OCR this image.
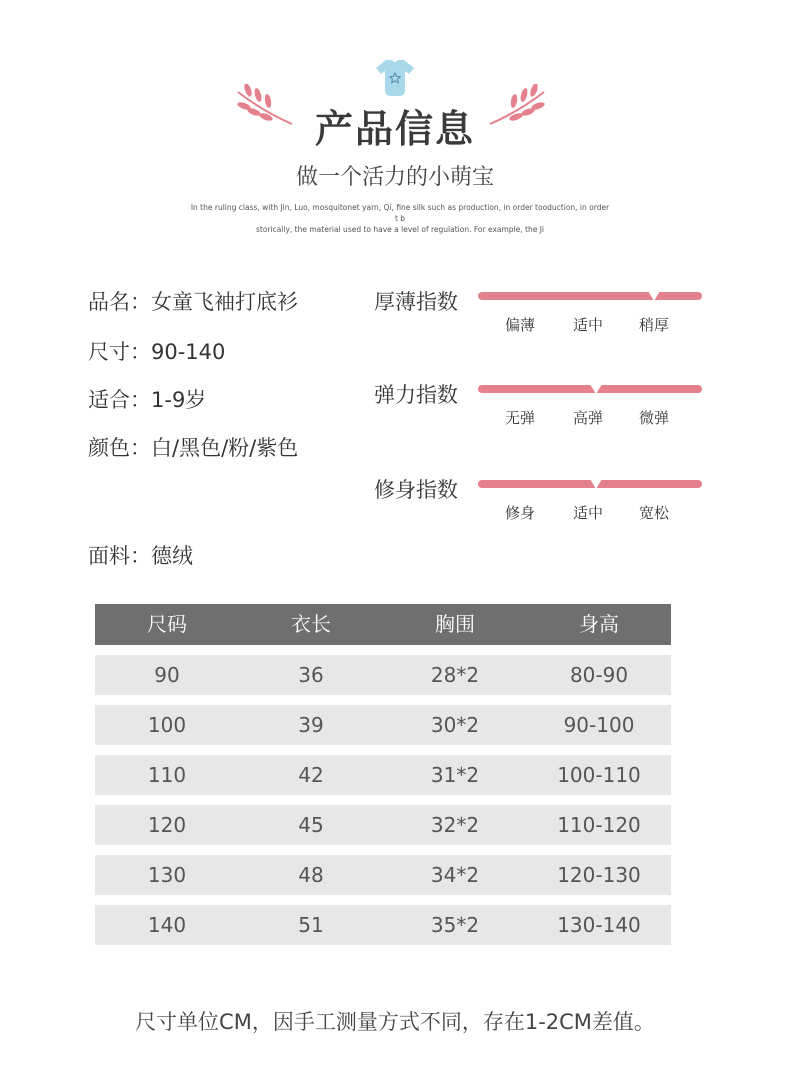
产品信息
做一个活力的小萌宝
In the ruling class, with Jin, Luo, mosquitonet yarn, Qi, fine silk such as production, in order tooduction, in order t b
storically, the material used to have a level of regulation. For example, the Ji
品名：女童飞袖打底衫
尺寸：90-140
适合：1-9岁
颜色：白/黑色/粉/紫色
面料：德绒
厚薄指数
偏薄	适中	稍厚
弹力指数
无弹	高弹	微弹
修身指数
修身	适中	宽松
尺码	衣长	胸围	身高
90	36	28*2	80-90
100	39	30*2	90-100
110	42	31*2	100-110
120	45	32*2	110-120
130	48	34*2	120-130
140	51	35*2	130-140
尺寸单位CM，因手工测量方式不同，存在1-2CM差值。
